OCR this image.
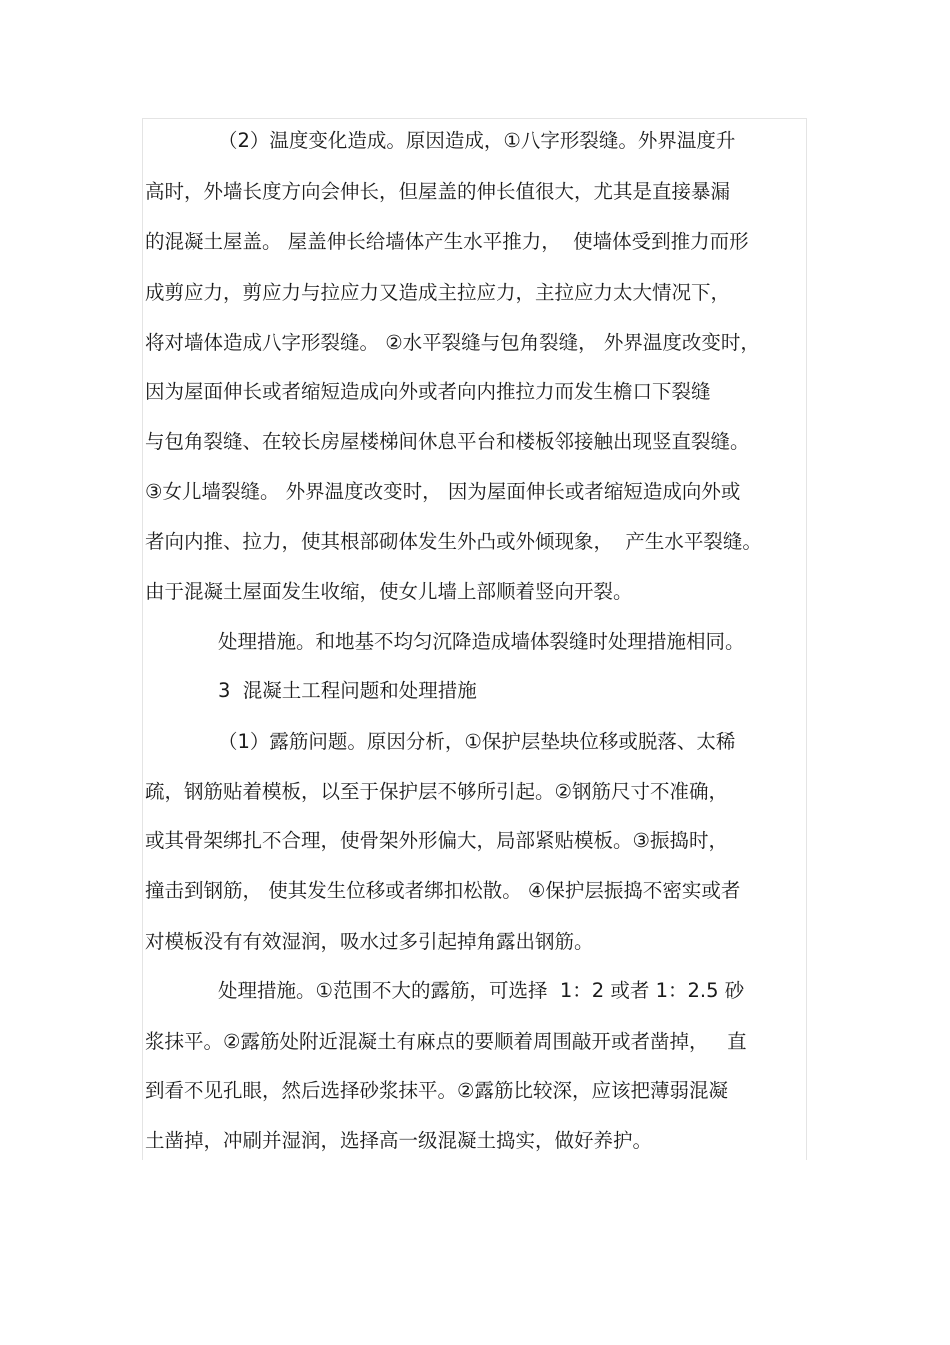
（2）温度变化造成。原因造成，①八字形裂缝。外界温度升
高时，外墙长度方向会伸长，但屋盖的伸长值很大，尤其是直接暴漏
的混凝土屋盖。 屋盖伸长给墙体产生水平推力，  使墙体受到推力而形
成剪应力，剪应力与拉应力又造成主拉应力，主拉应力太大情况下，
将对墙体造成八字形裂缝。 ②水平裂缝与包角裂缝， 外界温度改变时，
因为屋面伸长或者缩短造成向外或者向内推拉力而发生檐口下裂缝
与包角裂缝、在较长房屋楼梯间休息平台和楼板邻接触出现竖直裂缝。
③女儿墙裂缝。 外界温度改变时， 因为屋面伸长或者缩短造成向外或
者向内推、拉力，使其根部砌体发生外凸或外倾现象，  产生水平裂缝。
由于混凝土屋面发生收缩，使女儿墙上部顺着竖向开裂。
处理措施。和地基不均匀沉降造成墙体裂缝时处理措施相同。
3  混凝土工程问题和处理措施
（1）露筋问题。原因分析，①保护层垫块位移或脱落、太稀
疏，钢筋贴着模板，以至于保护层不够所引起。②钢筋尺寸不准确，
或其骨架绑扎不合理，使骨架外形偏大，局部紧贴模板。③振捣时，
撞击到钢筋， 使其发生位移或者绑扣松散。 ④保护层振捣不密实或者
对模板没有有效湿润，吸水过多引起掉角露出钢筋。
处理措施。①范围不大的露筋，可选择  1：2 或者 1：2.5 砂
浆抹平。②露筋处附近混凝土有麻点的要顺着周围敲开或者凿掉，   直
到看不见孔眼，然后选择砂浆抹平。②露筋比较深，应该把薄弱混凝
土凿掉，冲刷并湿润，选择高一级混凝土捣实，做好养护。
